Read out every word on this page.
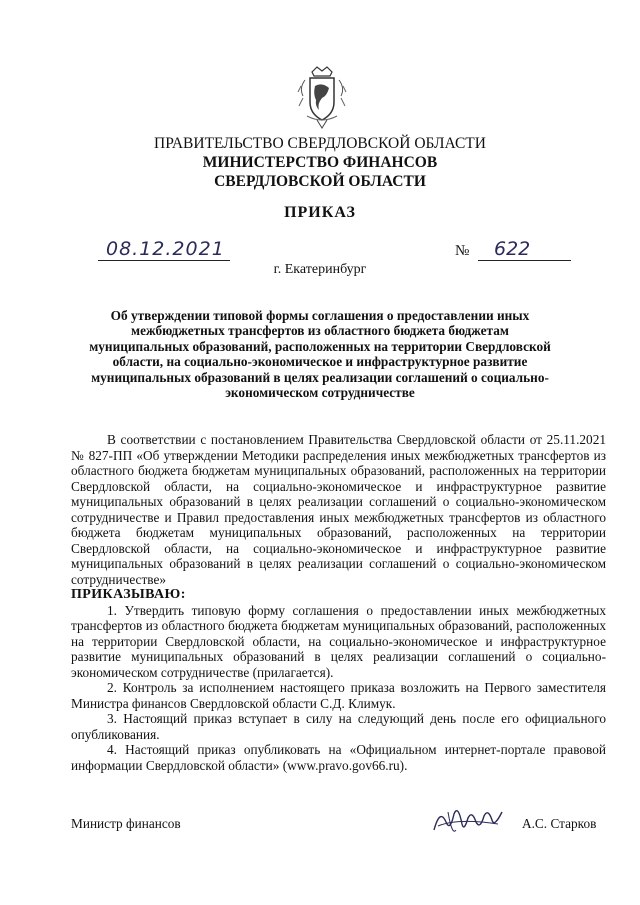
ПРАВИТЕЛЬСТВО СВЕРДЛОВСКОЙ ОБЛАСТИ
МИНИСТЕРСТВО ФИНАНСОВ
СВЕРДЛОВСКОЙ ОБЛАСТИ
ПРИКАЗ
08.12.2021	№ 622
г. Екатеринбург
Об утверждении типовой формы соглашения о предоставлении иных межбюджетных трансфертов из областного бюджета бюджетам муниципальных образований, расположенных на территории Свердловской области, на социально-экономическое и инфраструктурное развитие муниципальных образований в целях реализации соглашений о социально-экономическом сотрудничестве

В соответствии с постановлением Правительства Свердловской области от 25.11.2021 № 827-ПП «Об утверждении Методики распределения иных межбюджетных трансфертов из областного бюджета бюджетам муниципальных образований, расположенных на территории Свердловской области, на социально-экономическое и инфраструктурное развитие муниципальных образований в целях реализации соглашений о социально-экономическом сотрудничестве и Правил предоставления иных межбюджетных трансфертов из областного бюджета бюджетам муниципальных образований, расположенных на территории Свердловской области, на социально-экономическое и инфраструктурное развитие муниципальных образований в целях реализации соглашений о социально-экономическом сотрудничестве»

ПРИКАЗЫВАЮ:

1. Утвердить типовую форму соглашения о предоставлении иных межбюджетных трансфертов из областного бюджета бюджетам муниципальных образований, расположенных на территории Свердловской области, на социально-экономическое и инфраструктурное развитие муниципальных образований в целях реализации соглашений о социально-экономическом сотрудничестве (прилагается).

2. Контроль за исполнением настоящего приказа возложить на Первого заместителя Министра финансов Свердловской области С.Д. Климук.

3. Настоящий приказ вступает в силу на следующий день после его официального опубликования.

4. Настоящий приказ опубликовать на «Официальном интернет-портале правовой информации Свердловской области» (www.pravo.gov66.ru).

Министр финансов	А.С. Старков
